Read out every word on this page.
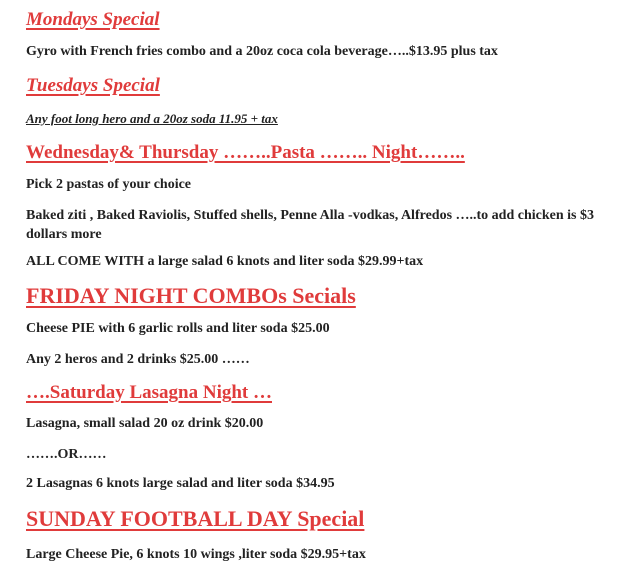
Mondays Special
Gyro with French fries combo and a 20oz coca cola beverage…..$13.95 plus tax
Tuesdays Special
Any foot long hero and a 20oz soda 11.95 + tax
Wednesday& Thursday ……..Pasta …….. Night……..
Pick 2 pastas of your choice
Baked ziti , Baked Raviolis, Stuffed shells, Penne Alla -vodkas, Alfredos …..to add chicken is $3 dollars more
ALL COME WITH a large salad 6 knots and liter soda $29.99+tax
FRIDAY NIGHT COMBOs Secials
Cheese PIE with 6 garlic rolls and liter soda $25.00
Any 2 heros and 2 drinks $25.00 ……
….Saturday Lasagna Night …
Lasagna, small salad 20 oz drink $20.00
…….OR……
2 Lasagnas 6 knots large salad and liter soda $34.95
SUNDAY FOOTBALL DAY Special
Large Cheese Pie, 6 knots 10 wings ,liter soda $29.95+tax
